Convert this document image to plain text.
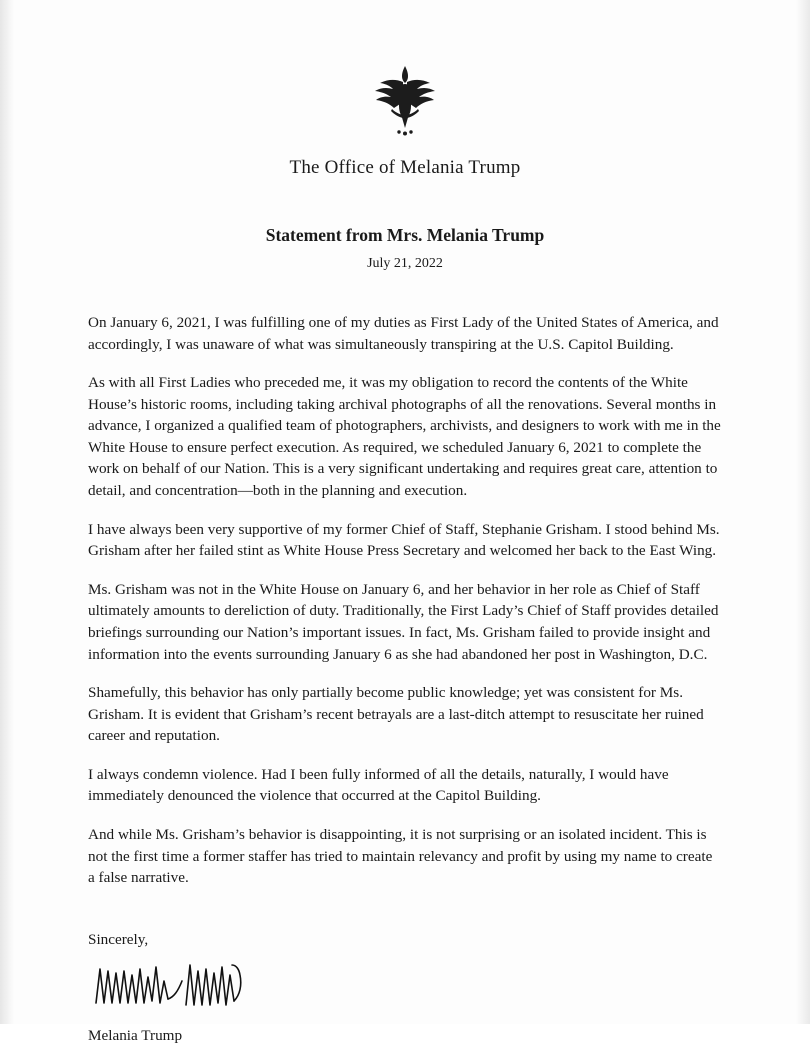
The Office of Melania Trump
Statement from Mrs. Melania Trump
July 21, 2022

On January 6, 2021, I was fulfilling one of my duties as First Lady of the United States of America, and accordingly, I was unaware of what was simultaneously transpiring at the U.S. Capitol Building.

As with all First Ladies who preceded me, it was my obligation to record the contents of the White House’s historic rooms, including taking archival photographs of all the renovations. Several months in advance, I organized a qualified team of photographers, archivists, and designers to work with me in the White House to ensure perfect execution. As required, we scheduled January 6, 2021 to complete the work on behalf of our Nation. This is a very significant undertaking and requires great care, attention to detail, and concentration—both in the planning and execution.

I have always been very supportive of my former Chief of Staff, Stephanie Grisham. I stood behind Ms. Grisham after her failed stint as White House Press Secretary and welcomed her back to the East Wing.

Ms. Grisham was not in the White House on January 6, and her behavior in her role as Chief of Staff ultimately amounts to dereliction of duty. Traditionally, the First Lady’s Chief of Staff provides detailed briefings surrounding our Nation’s important issues. In fact, Ms. Grisham failed to provide insight and information into the events surrounding January 6 as she had abandoned her post in Washington, D.C.

Shamefully, this behavior has only partially become public knowledge; yet was consistent for Ms. Grisham. It is evident that Grisham’s recent betrayals are a last-ditch attempt to resuscitate her ruined career and reputation.

I always condemn violence. Had I been fully informed of all the details, naturally, I would have immediately denounced the violence that occurred at the Capitol Building.

And while Ms. Grisham’s behavior is disappointing, it is not surprising or an isolated incident. This is not the first time a former staffer has tried to maintain relevancy and profit by using my name to create a false narrative.

Sincerely,
Melania Trump
